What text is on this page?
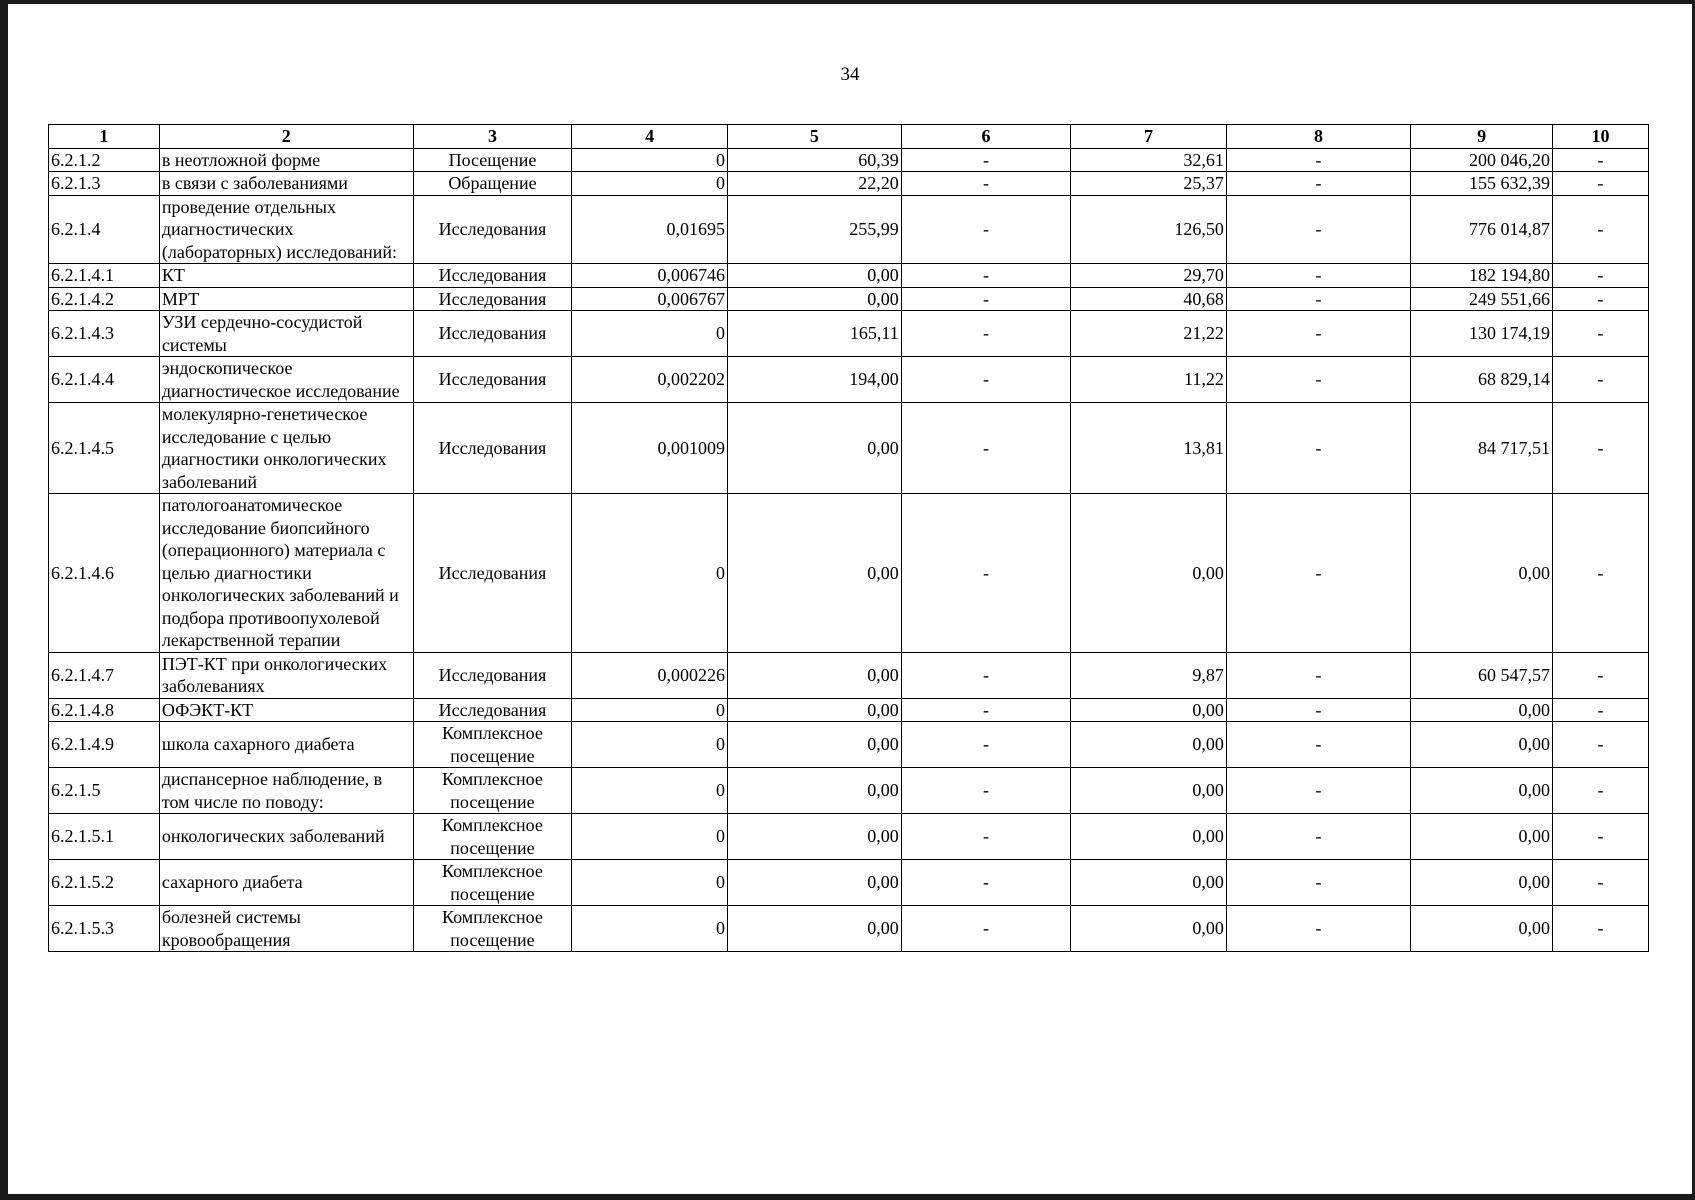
34
1	2	3	4	5	6	7	8	9	10
6.2.1.2	в неотложной форме	Посещение	0	60,39	-	32,61	-	200 046,20	-
6.2.1.3	в связи с заболеваниями	Обращение	0	22,20	-	25,37	-	155 632,39	-
6.2.1.4	проведение отдельных диагностических (лабораторных) исследований:	Исследования	0,01695	255,99	-	126,50	-	776 014,87	-
6.2.1.4.1	КТ	Исследования	0,006746	0,00	-	29,70	-	182 194,80	-
6.2.1.4.2	МРТ	Исследования	0,006767	0,00	-	40,68	-	249 551,66	-
6.2.1.4.3	УЗИ сердечно-сосудистой системы	Исследования	0	165,11	-	21,22	-	130 174,19	-
6.2.1.4.4	эндоскопическое диагностическое исследование	Исследования	0,002202	194,00	-	11,22	-	68 829,14	-
6.2.1.4.5	молекулярно-генетическое исследование с целью диагностики онкологических заболеваний	Исследования	0,001009	0,00	-	13,81	-	84 717,51	-
6.2.1.4.6	патологоанатомическое исследование биопсийного (операционного) материала с целью диагностики онкологических заболеваний и подбора противоопухолевой лекарственной терапии	Исследования	0	0,00	-	0,00	-	0,00	-
6.2.1.4.7	ПЭТ-КТ при онкологических заболеваниях	Исследования	0,000226	0,00	-	9,87	-	60 547,57	-
6.2.1.4.8	ОФЭКТ-КТ	Исследования	0	0,00	-	0,00	-	0,00	-
6.2.1.4.9	школа сахарного диабета	Комплексное посещение	0	0,00	-	0,00	-	0,00	-
6.2.1.5	диспансерное наблюдение, в том числе по поводу:	Комплексное посещение	0	0,00	-	0,00	-	0,00	-
6.2.1.5.1	онкологических заболеваний	Комплексное посещение	0	0,00	-	0,00	-	0,00	-
6.2.1.5.2	сахарного диабета	Комплексное посещение	0	0,00	-	0,00	-	0,00	-
6.2.1.5.3	болезней системы кровообращения	Комплексное посещение	0	0,00	-	0,00	-	0,00	-
